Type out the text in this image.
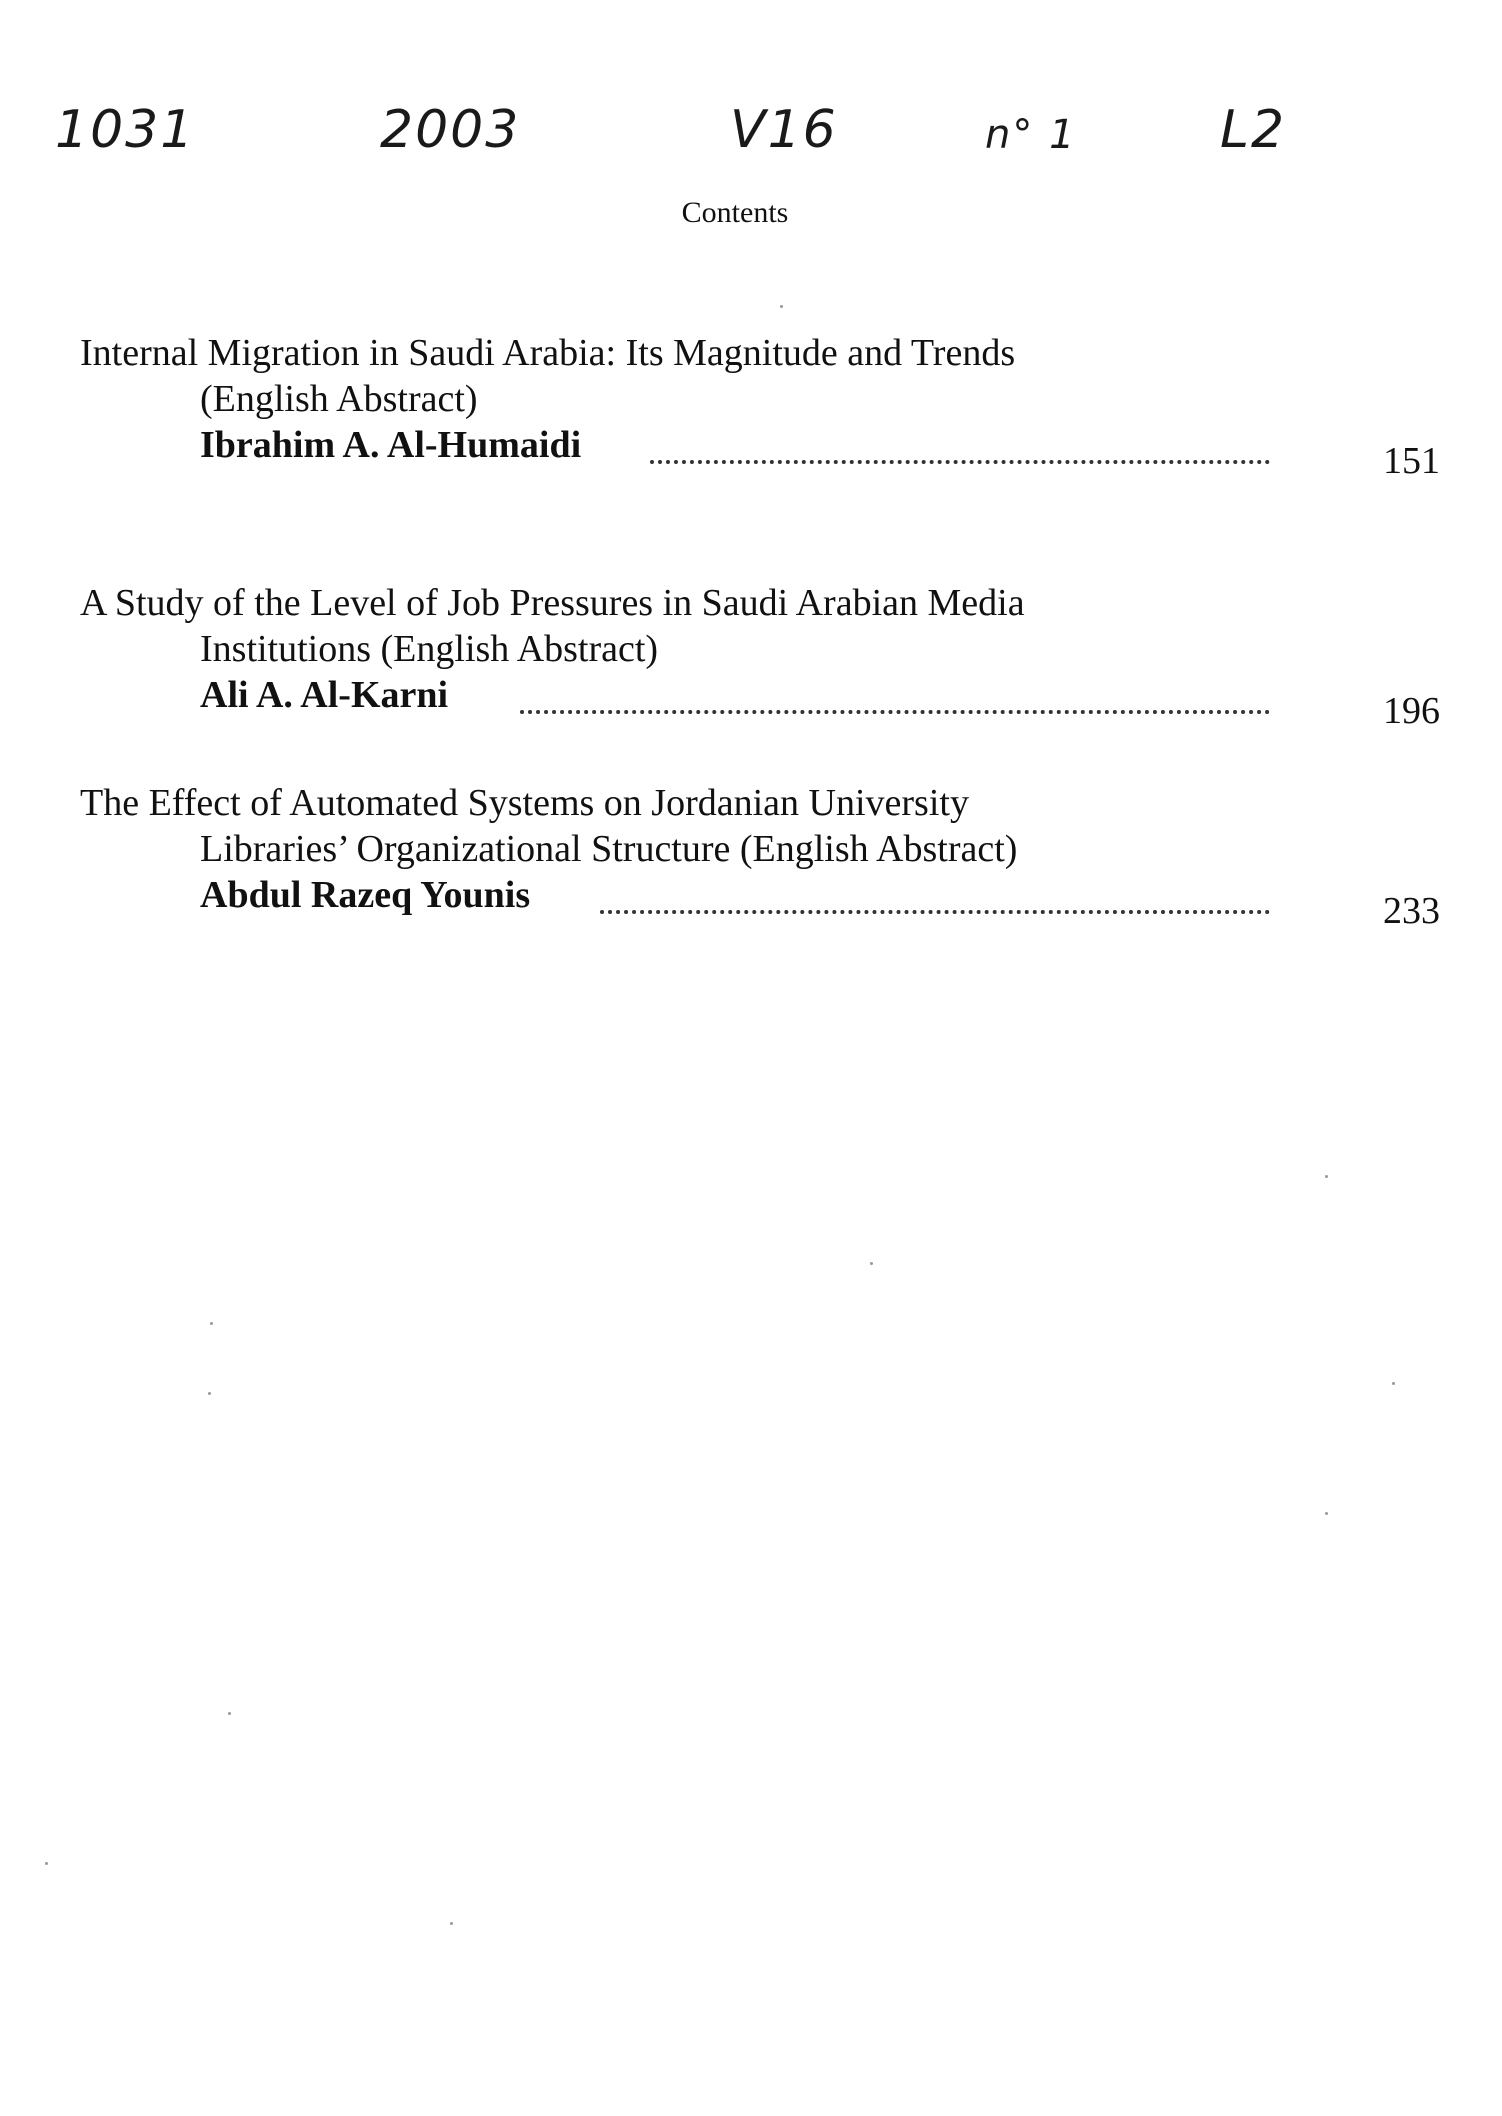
1031	2003	V16	n° 1	L2
Contents
Internal Migration in Saudi Arabia: Its Magnitude and Trends
(English Abstract)
Ibrahim A. Al-Humaidi	151
A Study of the Level of Job Pressures in Saudi Arabian Media
Institutions (English Abstract)
Ali A. Al-Karni	196
The Effect of Automated Systems on Jordanian University
Libraries’ Organizational Structure (English Abstract)
Abdul Razeq Younis	233
